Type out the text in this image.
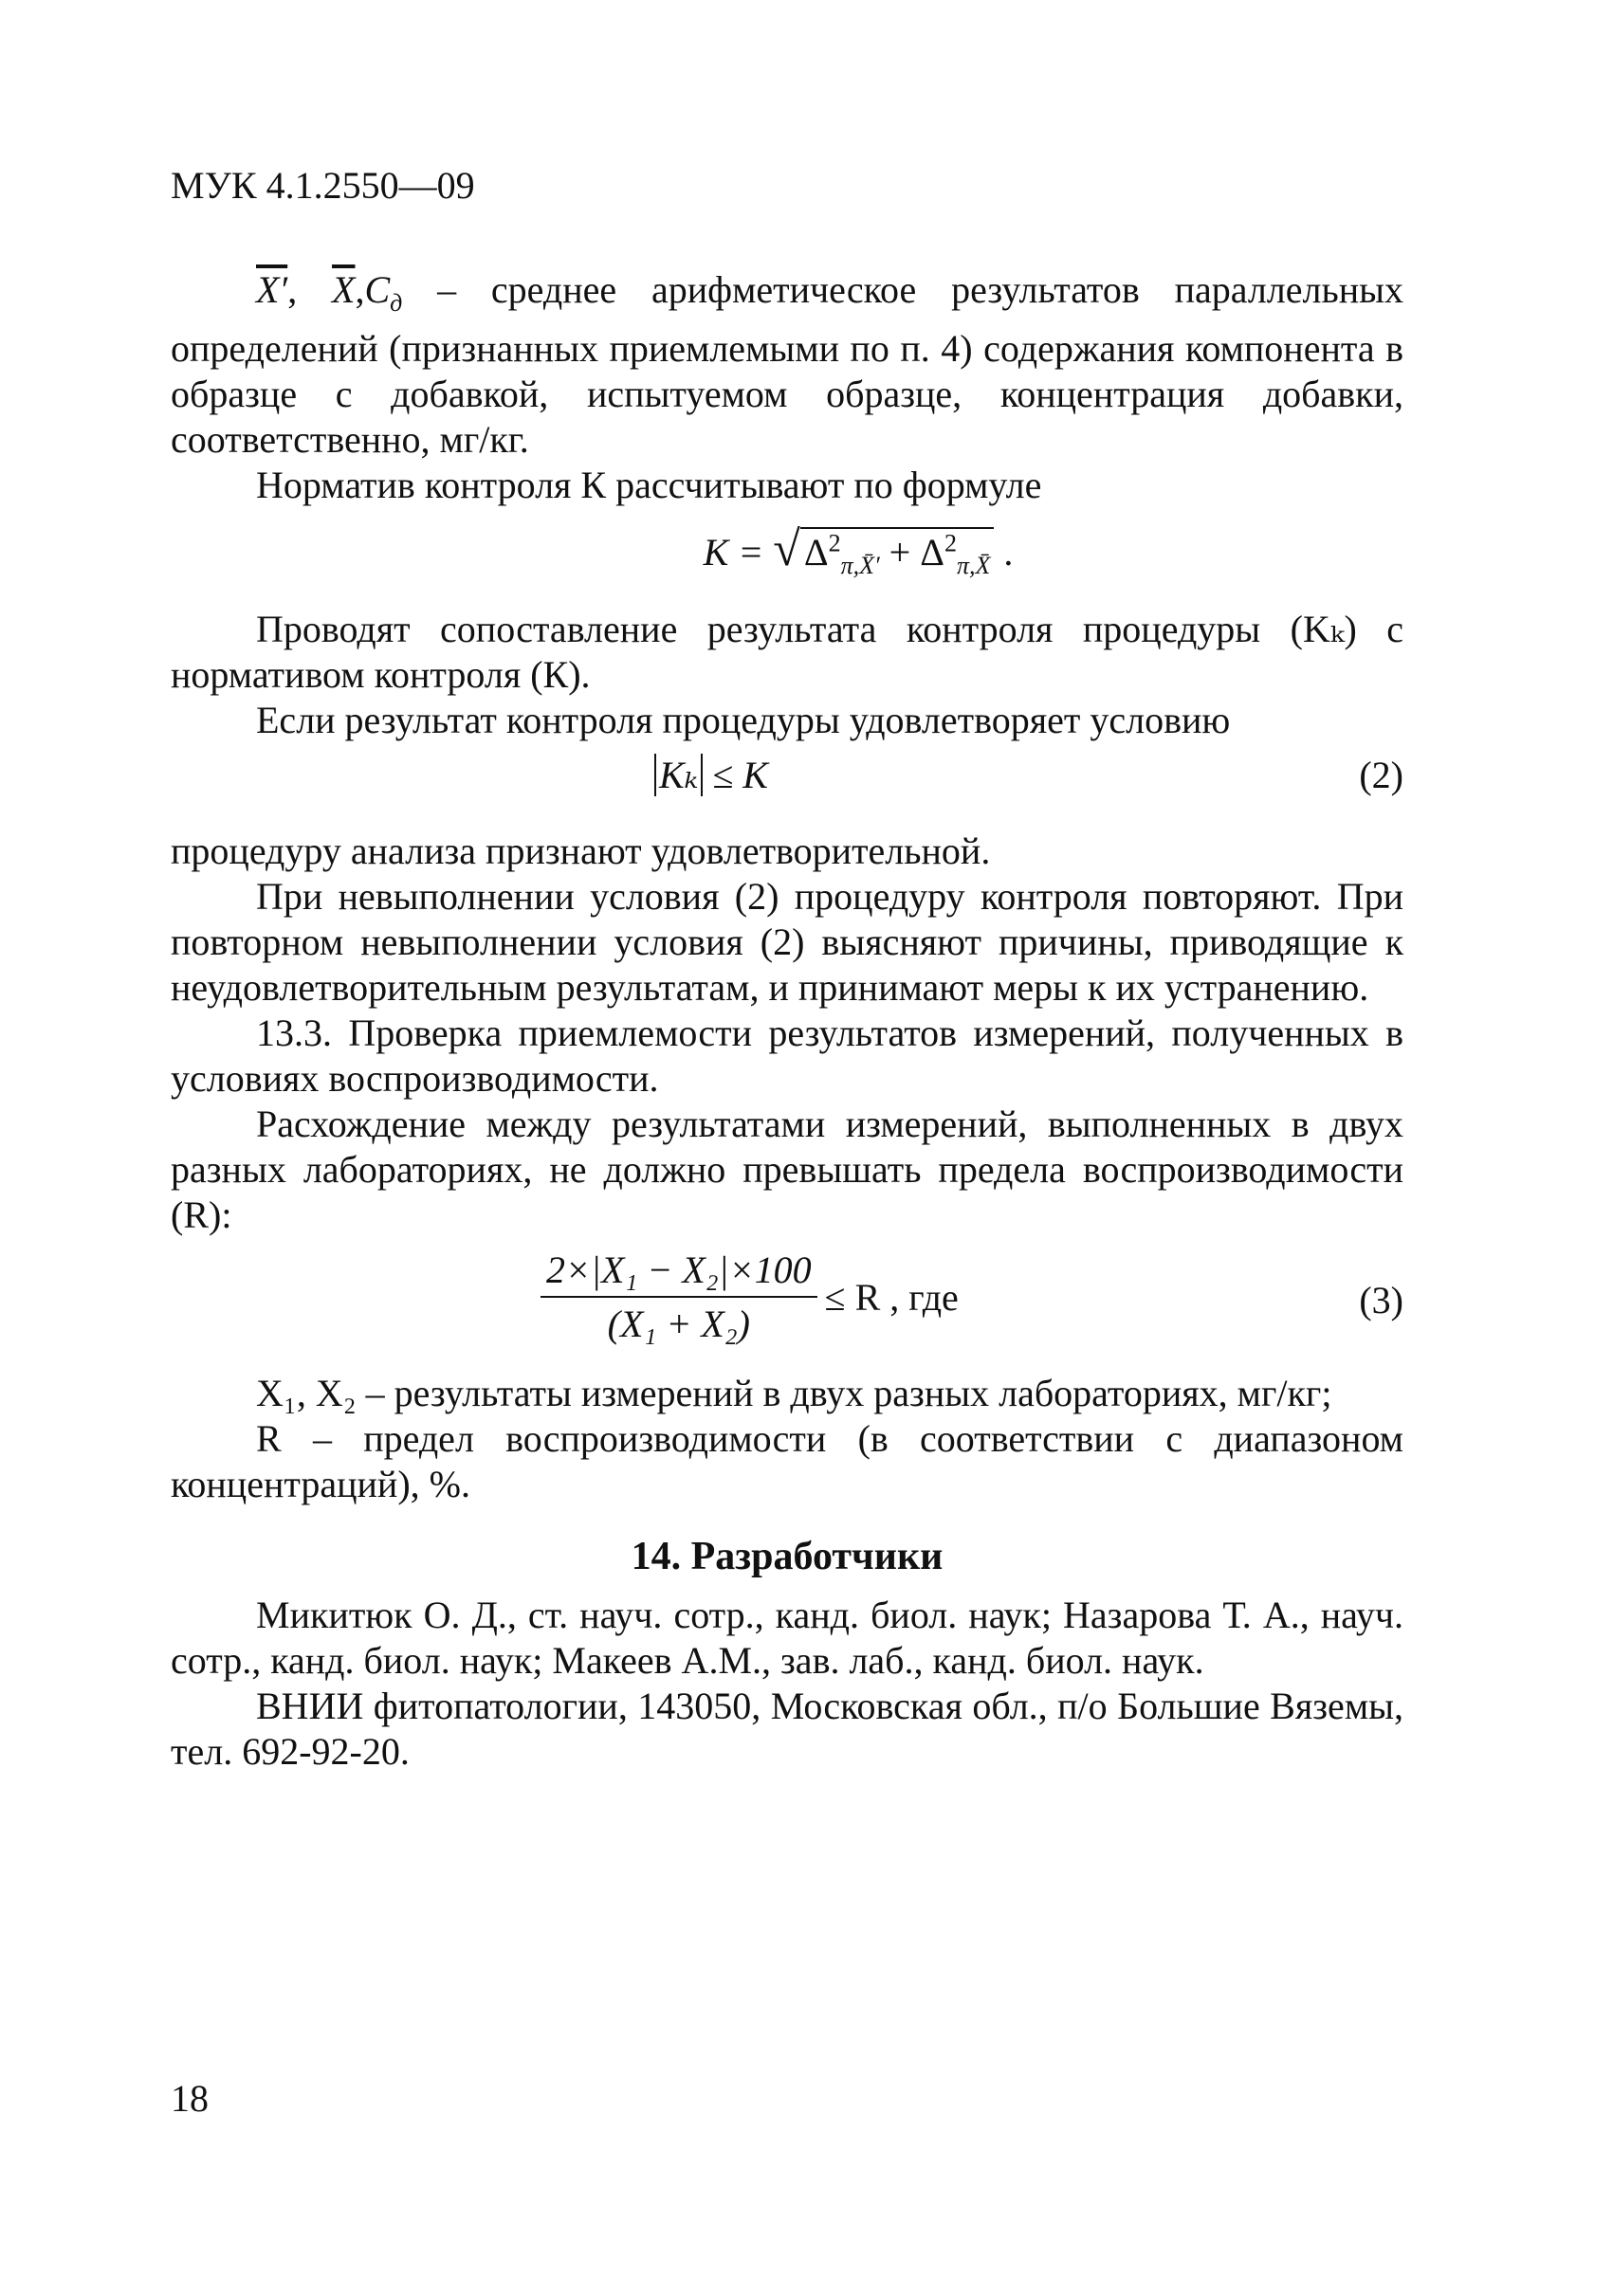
МУК 4.1.2550—09

X′, $\overline{X},C_д$ – среднее арифметическое результатов параллельных определений (признанных приемлемыми по п. 4) содержания компонента в образце с добавкой, испытуемом образце, концентрация добавки, соответственно, мг/кг.

Норматив контроля К рассчитывают по формуле

K = √ $\Delta^2_{\pi,X̄'} + \Delta^2_{\pi,X̄}$ .

Проводят сопоставление результата контроля процедуры (Kₖ) с нормативом контроля (К).

Если результат контроля процедуры удовлетворяет условию

Kₖ ≤ K	(2)

процедуру анализа признают удовлетворительной.

При невыполнении условия (2) процедуру контроля повторяют. При повторном невыполнении условия (2) выясняют причины, приводящие к неудовлетворительным результатам, и принимают меры к их устранению.

13.3. Проверка приемлемости результатов измерений, полученных в условиях воспроизводимости.

Расхождение между результатами измерений, выполненных в двух разных лабораториях, не должно превышать предела воспроизводимости (R):

$\frac{\text{2×|X₁ − X₂|×100}}{\text{(X₁ + X₂)}} \le R$ , где	(3)

X₁, X₂ – результаты измерений в двух разных лабораториях, мг/кг;

R – предел воспроизводимости (в соответствии с диапазоном концентраций), %.

14. Разработчики

Микитюк О. Д., ст. науч. сотр., канд. биол. наук; Назарова Т. А., науч. сотр., канд. биол. наук; Макеев А.М., зав. лаб., канд. биол. наук.

ВНИИ фитопатологии, 143050, Московская обл., п/о Большие Вяземы, тел. 692-92-20.

18
